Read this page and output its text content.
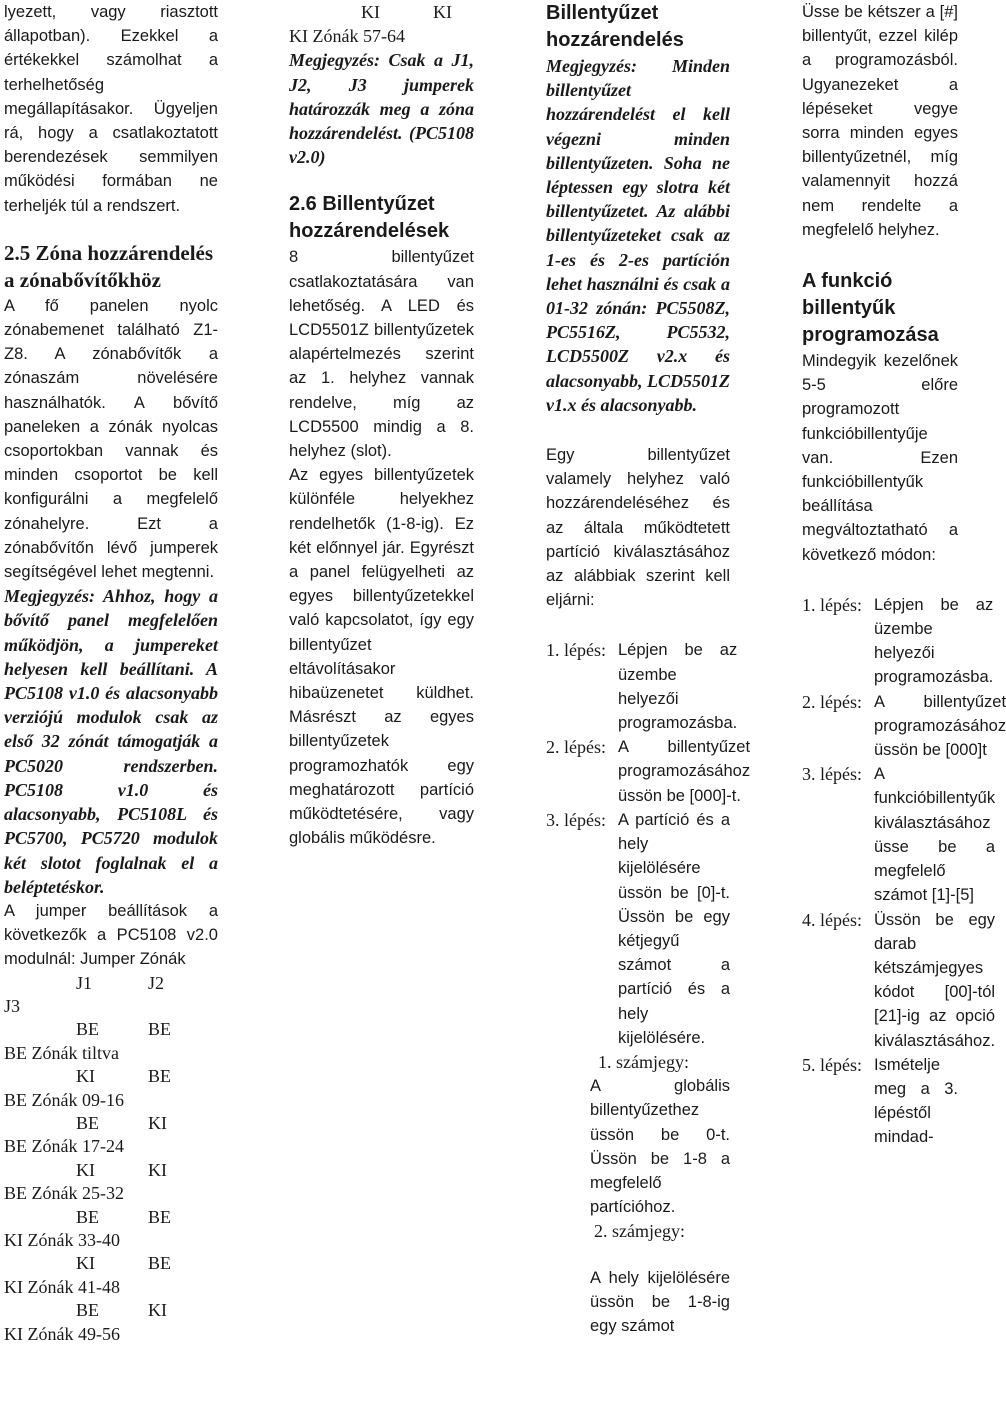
lyezett, vagy riasztott állapotban). Ezekkel a értékekkel számolhat a terhelhetőség megállapításakor. Ügyeljen rá, hogy a csatlakoztatott berendezések semmilyen működési formában ne terheljék túl a rendszert.

2.5 Zóna hozzárendelés a zónabővítőkhöz

A fő panelen nyolc zónabemenet található Z1-Z8. A zónabővítők a zónaszám növelésére használhatók. A bővítő paneleken a zónák nyolcas csoportokban vannak és minden csoportot be kell konfigurálni a megfelelő zónahelyre. Ezt a zónabővítőn lévő jumperek segítségével lehet megtenni.

Megjegyzés: Ahhoz, hogy a bővítő panel megfelelően működjön, a jumpereket helyesen kell beállítani. A PC5108 v1.0 és alacsonyabb verziójú modulok csak az első 32 zónát támogatják a PC5020 rendszerben. PC5108 v1.0 és alacsonyabb, PC5108L és PC5700, PC5720 modulok két slotot foglalnak el a beléptetéskor.

A jumper beállítások a következők a PC5108 v2.0 modulnál: Jumper Zónák

J1	J2
J3
BE	BE
BE Zónák tiltva
KI	BE
BE Zónák 09-16
BE	KI
BE Zónák 17-24
KI	KI
BE Zónák 25-32
BE	BE
KI Zónák 33-40
KI	BE
KI Zónák 41-48
BE	KI
KI Zónák 49-56
KI	KI
KI Zónák 57-64

Megjegyzés: Csak a J1, J2, J3 jumperek határozzák meg a zóna hozzárendelést. (PC5108 v2.0)

2.6 Billentyűzet hozzárendelések

8 billentyűzet csatlakoztatására van lehetőség. A LED és LCD5501Z billentyűzetek alapértelmezés szerint az 1. helyhez vannak rendelve, míg az LCD5500 mindig a 8. helyhez (slot).

Az egyes billentyűzetek különféle helyekhez rendelhetők (1-8-ig). Ez két előnnyel jár. Egyrészt a panel felügyelheti az egyes billentyűzetekkel való kapcsolatot, így egy billentyűzet eltávolításakor hibaüzenetet küldhet. Másrészt az egyes billentyűzetek programozhatók egy meghatározott partíció működtetésére, vagy globális működésre.

Billentyűzet hozzárendelés

Megjegyzés: Minden billentyűzet hozzárendelést el kell végezni minden billentyűzeten. Soha ne léptessen egy slotra két billentyűzetet. Az alábbi billentyűzeteket csak az 1-es és 2-es partíción lehet használni és csak a 01-32 zónán: PC5508Z, PC5516Z, PC5532, LCD5500Z v2.x és alacsonyabb, LCD5501Z v1.x és alacsonyabb.

Egy billentyűzet valamely helyhez való hozzárendeléséhez és az általa működtetett partíció kiválasztásához az alábbiak szerint kell eljárni:

1. lépés: Lépjen be az üzembe helyezői programozásba.
2. lépés: A billentyűzet programozásához üssön be [000]-t.
3. lépés: A partíció és a hely kijelölésére üssön be [0]-t. Üssön be egy kétjegyű számot a partíció és a hely kijelölésére.
1. számjegy:

A globális billentyűzethez üssön be 0-t. Üssön be 1-8 a megfelelő partícióhoz.

2. számjegy:

A hely kijelölésére üssön be 1-8-ig egy számot

Üsse be kétszer a [#] billentyűt, ezzel kilép a programozásból. Ugyanezeket a lépéseket vegye sorra minden egyes billentyűzetnél, míg valamennyit hozzá nem rendelte a megfelelő helyhez.

A funkció billentyűk programozása

Mindegyik kezelőnek 5-5 előre programozott funkcióbillentyűje van. Ezen funkcióbillentyűk beállítása megváltoztatható a következő módon:

1. lépés: Lépjen be az üzembe helyezői programozásba.
2. lépés: A billentyűzet programozásához üssön be [000]t
3. lépés: A funkcióbillentyűk kiválasztásához üsse be a megfelelő számot [1]-[5]
4. lépés: Üssön be egy darab kétszámjegyes kódot [00]-tól [21]-ig az opció kiválasztásához.
5. lépés: Ismételje meg a 3. lépéstől mindad-
